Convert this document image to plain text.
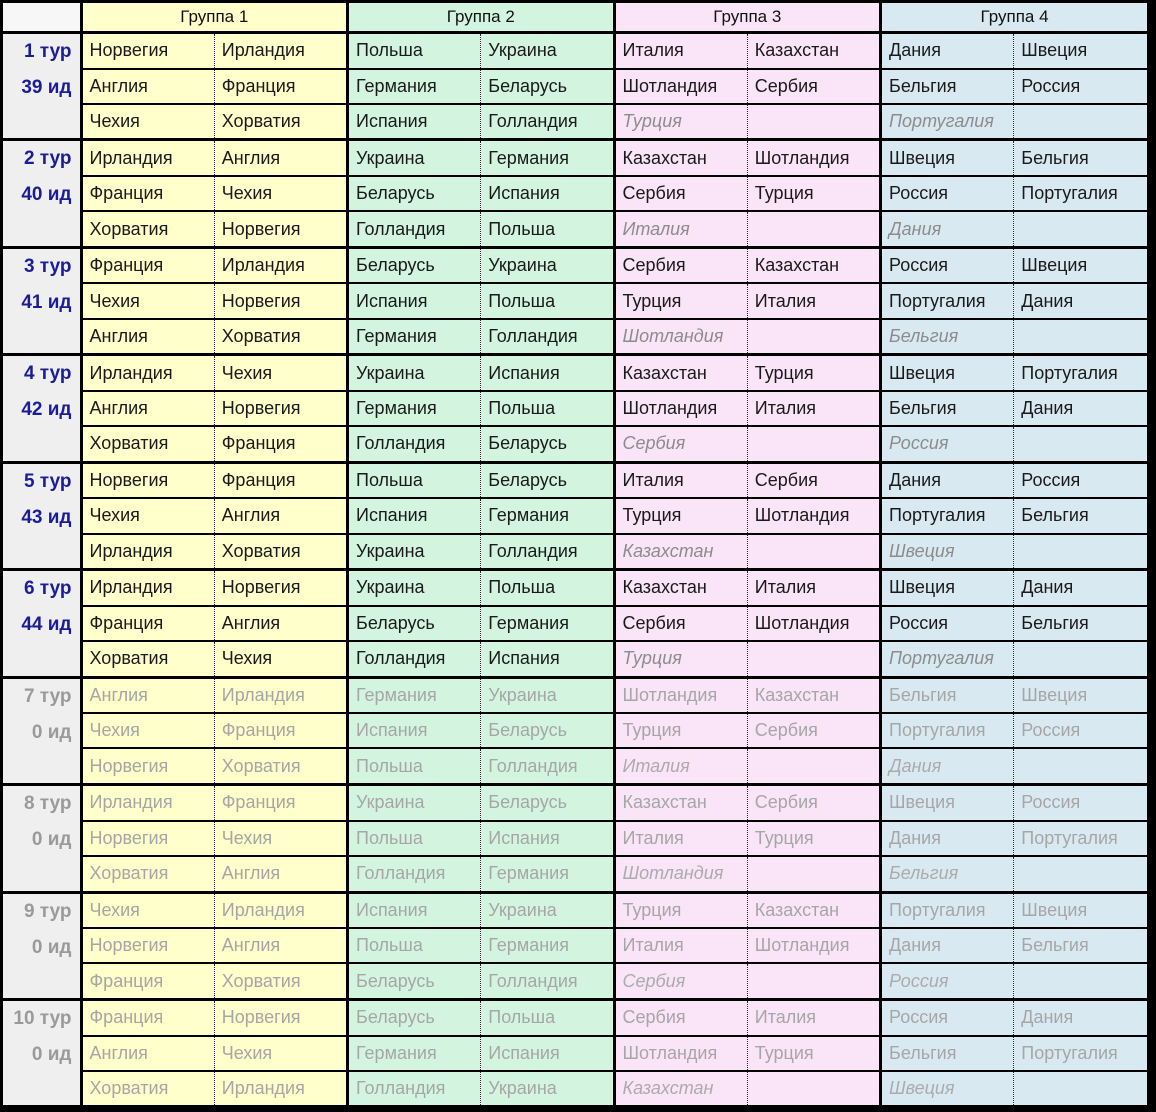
	Группа 1		Группа 2		Группа 3		Группа 4	

1 тур
39 ид	Норвегия	Ирландия	Польша	Украина	Италия	Казахстан	Дания	Швеция
	Англия	Франция	Германия	Беларусь	Шотландия	Сербия	Бельгия	Россия
	Чехия	Хорватия	Испания	Голландия	Турция		Португалия	

2 тур
40 ид	Ирландия	Англия	Украина	Германия	Казахстан	Шотландия	Швеция	Бельгия
	Франция	Чехия	Беларусь	Испания	Сербия	Турция	Россия	Португалия
	Хорватия	Норвегия	Голландия	Польша	Италия		Дания	

3 тур
41 ид	Франция	Ирландия	Беларусь	Украина	Сербия	Казахстан	Россия	Швеция
	Чехия	Норвегия	Испания	Польша	Турция	Италия	Португалия	Дания
	Англия	Хорватия	Германия	Голландия	Шотландия		Бельгия	

4 тур
42 ид	Ирландия	Чехия	Украина	Испания	Казахстан	Турция	Швеция	Португалия
	Англия	Норвегия	Германия	Польша	Шотландия	Италия	Бельгия	Дания
	Хорватия	Франция	Голландия	Беларусь	Сербия		Россия	

5 тур
43 ид	Норвегия	Франция	Польша	Беларусь	Италия	Сербия	Дания	Россия
	Чехия	Англия	Испания	Германия	Турция	Шотландия	Португалия	Бельгия
	Ирландия	Хорватия	Украина	Голландия	Казахстан		Швеция	

6 тур
44 ид	Ирландия	Норвегия	Украина	Польша	Казахстан	Италия	Швеция	Дания
	Франция	Англия	Беларусь	Германия	Сербия	Шотландия	Россия	Бельгия
	Хорватия	Чехия	Голландия	Испания	Турция		Португалия	

7 тур
0 ид	Англия	Ирландия	Германия	Украина	Шотландия	Казахстан	Бельгия	Швеция
	Чехия	Франция	Испания	Беларусь	Турция	Сербия	Португалия	Россия
	Норвегия	Хорватия	Польша	Голландия	Италия		Дания	

8 тур
0 ид	Ирландия	Франция	Украина	Беларусь	Казахстан	Сербия	Швеция	Россия
	Норвегия	Чехия	Польша	Испания	Италия	Турция	Дания	Португалия
	Хорватия	Англия	Голландия	Германия	Шотландия		Бельгия	

9 тур
0 ид	Чехия	Ирландия	Испания	Украина	Турция	Казахстан	Португалия	Швеция
	Норвегия	Англия	Польша	Германия	Италия	Шотландия	Дания	Бельгия
	Франция	Хорватия	Беларусь	Голландия	Сербия		Россия	

10 тур
0 ид	Франция	Норвегия	Беларусь	Польша	Сербия	Италия	Россия	Дания
	Англия	Чехия	Германия	Испания	Шотландия	Турция	Бельгия	Португалия
	Хорватия	Ирландия	Голландия	Украина	Казахстан		Швеция	
